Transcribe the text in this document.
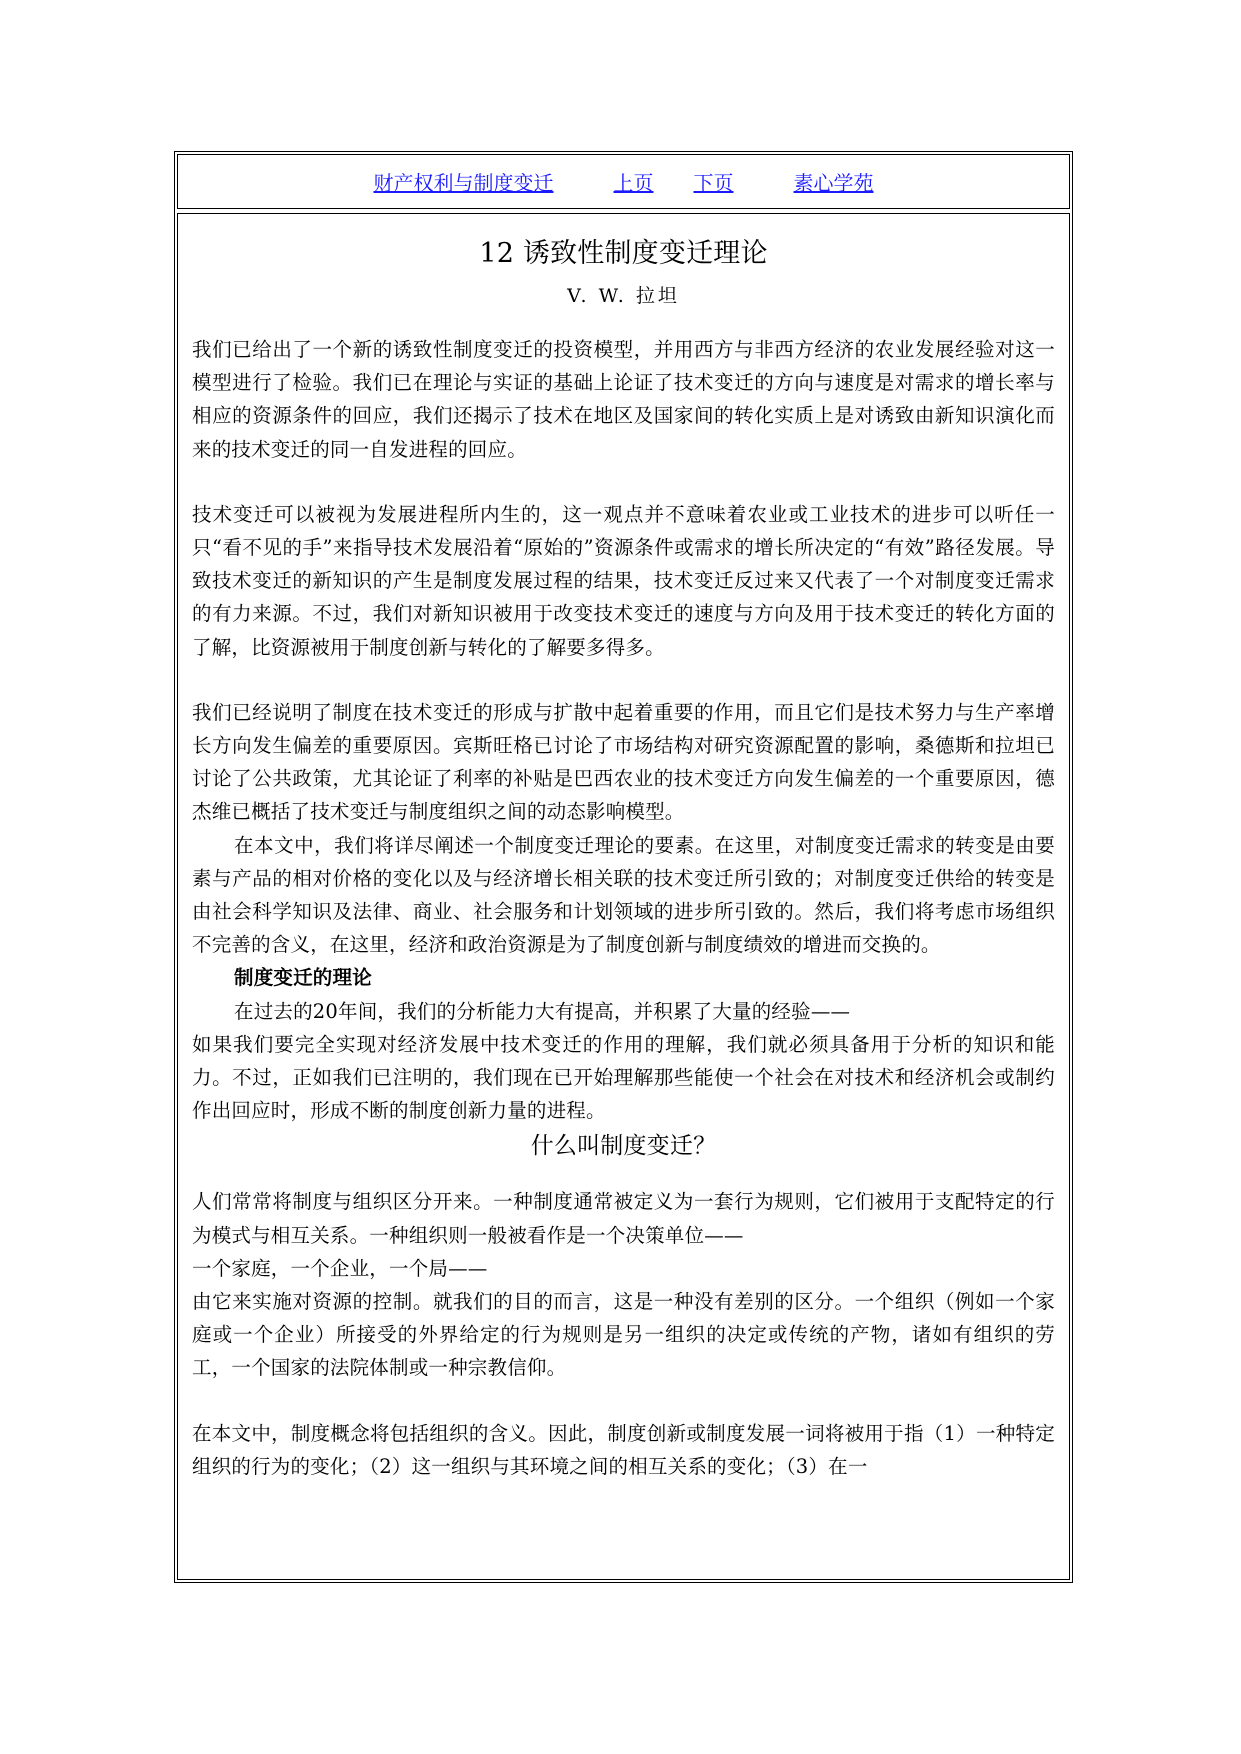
财产权利与制度变迁	上页 下页	素心学苑

12 诱致性制度变迁理论

V. W. 拉坦

我们已给出了一个新的诱致性制度变迁的投资模型，并用西方与非西方经济的农业发展经验对这一模型进行了检验。我们已在理论与实证的基础上论证了技术变迁的方向与速度是对需求的增长率与相应的资源条件的回应，我们还揭示了技术在地区及国家间的转化实质上是对诱致由新知识演化而来的技术变迁的同一自发进程的回应。

技术变迁可以被视为发展进程所内生的，这一观点并不意味着农业或工业技术的进步可以听任一只“看不见的手”来指导技术发展沿着“原始的”资源条件或需求的增长所决定的“有效”路径发展。导致技术变迁的新知识的产生是制度发展过程的结果，技术变迁反过来又代表了一个对制度变迁需求的有力来源。不过，我们对新知识被用于改变技术变迁的速度与方向及用于技术变迁的转化方面的了解，比资源被用于制度创新与转化的了解要多得多。

我们已经说明了制度在技术变迁的形成与扩散中起着重要的作用，而且它们是技术努力与生产率增长方向发生偏差的重要原因。宾斯旺格已讨论了市场结构对研究资源配置的影响，桑德斯和拉坦已讨论了公共政策，尤其论证了利率的补贴是巴西农业的技术变迁方向发生偏差的一个重要原因，德杰维已概括了技术变迁与制度组织之间的动态影响模型。

在本文中，我们将详尽阐述一个制度变迁理论的要素。在这里，对制度变迁需求的转变是由要素与产品的相对价格的变化以及与经济增长相关联的技术变迁所引致的；对制度变迁供给的转变是由社会科学知识及法律、商业、社会服务和计划领域的进步所引致的。然后，我们将考虑市场组织不完善的含义，在这里，经济和政治资源是为了制度创新与制度绩效的增进而交换的。

制度变迁的理论

在过去的20年间，我们的分析能力大有提高，并积累了大量的经验——

如果我们要完全实现对经济发展中技术变迁的作用的理解，我们就必须具备用于分析的知识和能力。不过，正如我们已注明的，我们现在已开始理解那些能使一个社会在对技术和经济机会或制约作出回应时，形成不断的制度创新力量的进程。

什么叫制度变迁？

人们常常将制度与组织区分开来。一种制度通常被定义为一套行为规则，它们被用于支配特定的行为模式与相互关系。一种组织则一般被看作是一个决策单位——

一个家庭，一个企业，一个局——

由它来实施对资源的控制。就我们的目的而言，这是一种没有差别的区分。一个组织（例如一个家庭或一个企业）所接受的外界给定的行为规则是另一组织的决定或传统的产物，诸如有组织的劳工，一个国家的法院体制或一种宗教信仰。

在本文中，制度概念将包括组织的含义。因此，制度创新或制度发展一词将被用于指（1）一种特定组织的行为的变化；（2）这一组织与其环境之间的相互关系的变化；（3）在一
